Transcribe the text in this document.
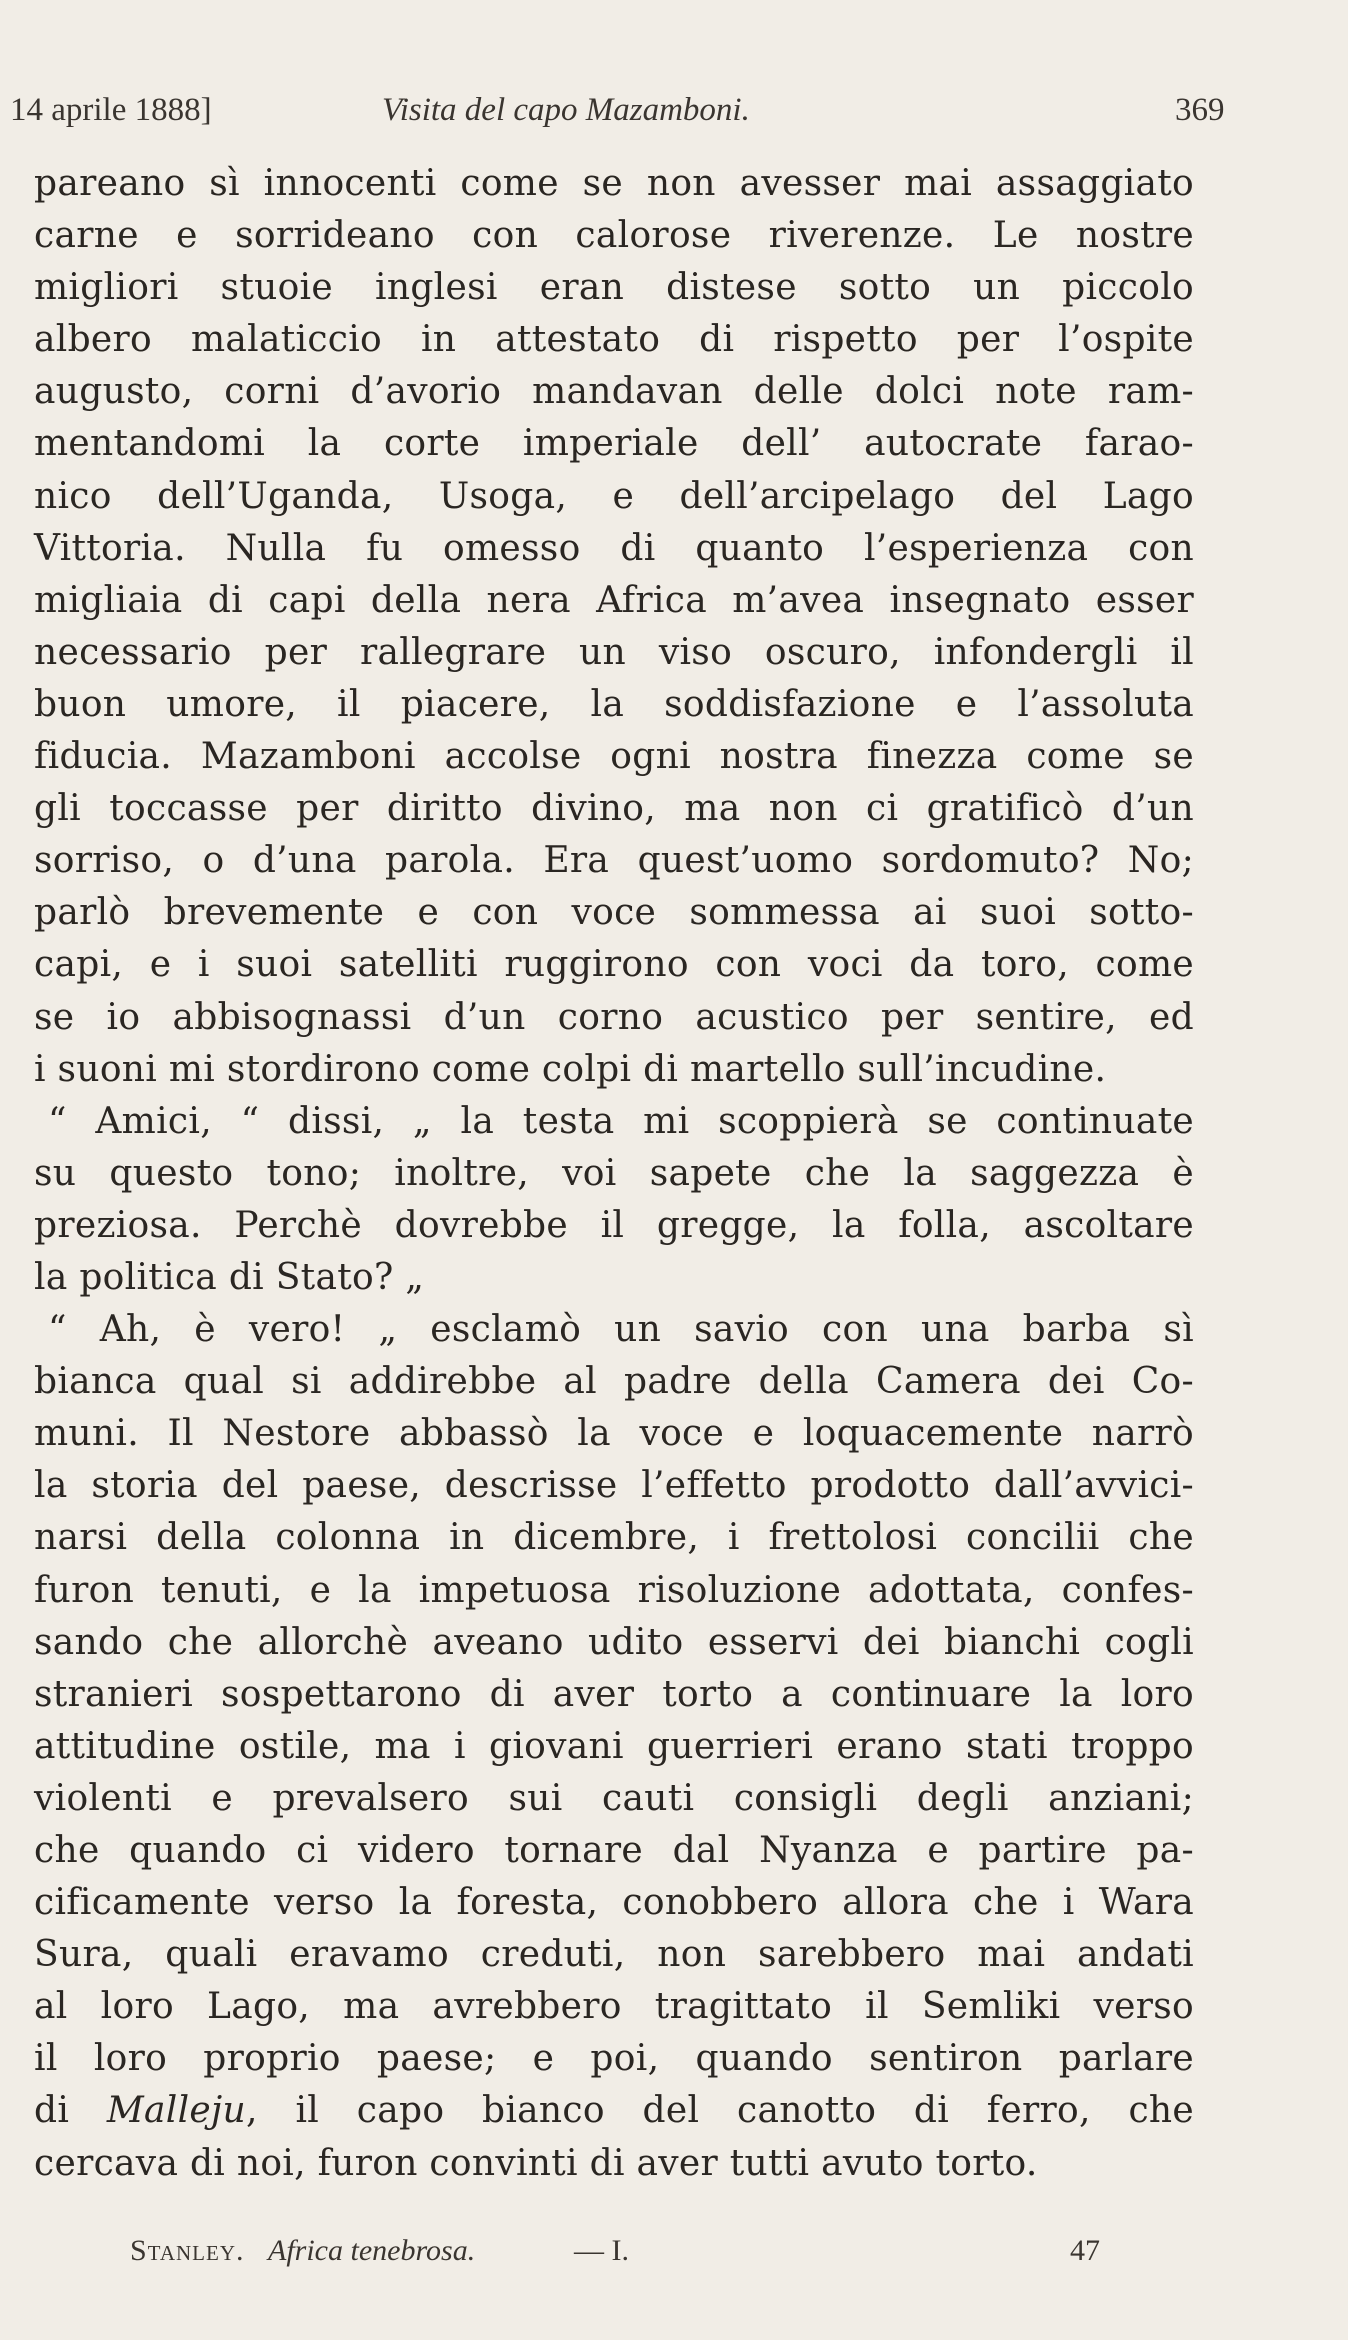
14 aprile 1888]	Visita del capo Mazamboni.	369
pareano sì innocenti come se non avesser mai assaggiato
carne e sorrideano con calorose riverenze. Le nostre
migliori stuoie inglesi eran distese sotto un piccolo
albero malaticcio in attestato di rispetto per l’ospite
augusto, corni d’avorio mandavan delle dolci note ram-
mentandomi la corte imperiale dell’ autocrate farao-
nico dell’Uganda, Usoga, e dell’arcipelago del Lago
Vittoria. Nulla fu omesso di quanto l’esperienza con
migliaia di capi della nera Africa m’avea insegnato esser
necessario per rallegrare un viso oscuro, infondergli il
buon umore, il piacere, la soddisfazione e l’assoluta
fiducia. Mazamboni accolse ogni nostra finezza come se
gli toccasse per diritto divino, ma non ci gratificò d’un
sorriso, o d’una parola. Era quest’uomo sordomuto? No;
parlò brevemente e con voce sommessa ai suoi sotto-
capi, e i suoi satelliti ruggirono con voci da toro, come
se io abbisognassi d’un corno acustico per sentire, ed
i suoni mi stordirono come colpi di martello sull’incudine.
“ Amici, “ dissi, „ la testa mi scoppierà se continuate
su questo tono; inoltre, voi sapete che la saggezza è
preziosa. Perchè dovrebbe il gregge, la folla, ascoltare
la politica di Stato? „
“ Ah, è vero! „ esclamò un savio con una barba sì
bianca qual si addirebbe al padre della Camera dei Co-
muni. Il Nestore abbassò la voce e loquacemente narrò
la storia del paese, descrisse l’effetto prodotto dall’avvici-
narsi della colonna in dicembre, i frettolosi concilii che
furon tenuti, e la impetuosa risoluzione adottata, confes-
sando che allorchè aveano udito esservi dei bianchi cogli
stranieri sospettarono di aver torto a continuare la loro
attitudine ostile, ma i giovani guerrieri erano stati troppo
violenti e prevalsero sui cauti consigli degli anziani;
che quando ci videro tornare dal Nyanza e partire pa-
cificamente verso la foresta, conobbero allora che i Wara
Sura, quali eravamo creduti, non sarebbero mai andati
al loro Lago, ma avrebbero tragittato il Semliki verso
il loro proprio paese; e poi, quando sentiron parlare
di Malleju, il capo bianco del canotto di ferro, che
cercava di noi, furon convinti di aver tutti avuto torto.
Stanley. Africa tenebrosa.	— I.	47
